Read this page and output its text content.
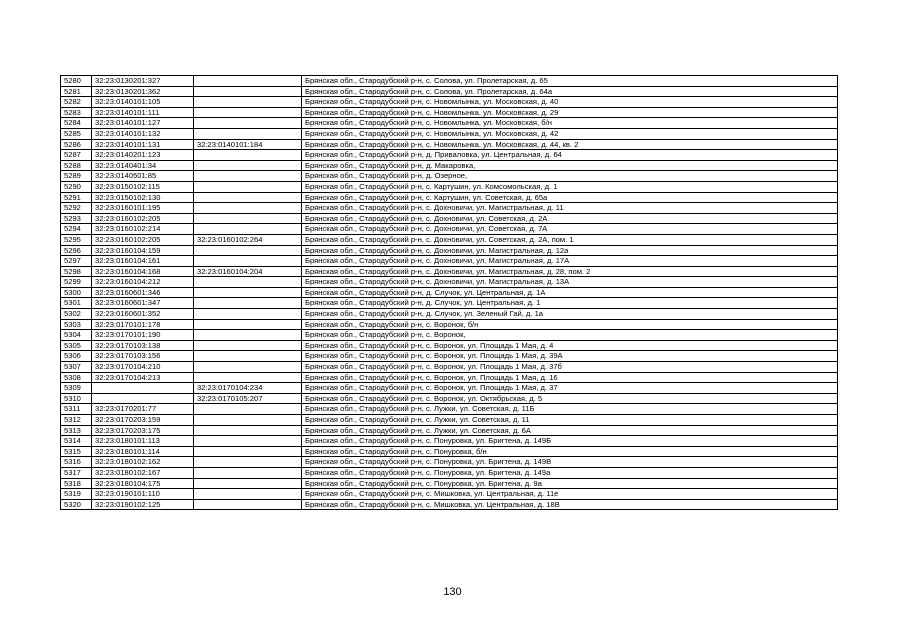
5280	32:23:0130201:327		Брянская обл., Стародубский р-н, с. Солова, ул. Пролетарская, д. 65
5281	32:23:0130201:362		Брянская обл., Стародубский р-н, с. Солова, ул. Пролетарская, д. 64а
5282	32:23:0140101:105		Брянская обл., Стародубский р-н, с. Новомлынка, ул. Московская, д. 40
5283	32:23:0140101:111		Брянская обл., Стародубский р-н, с. Новомлынка, ул. Московская, д. 29
5284	32:23:0140101:127		Брянская обл., Стародубский р-н, с. Новомлынка, ул. Московская, б/н
5285	32:23:0140101:132		Брянская обл., Стародубский р-н, с. Новомлынка, ул. Московская, д. 42
5286	32:23:0140101:131	32:23:0140101:184	Брянская обл., Стародубский р-н, с. Новомлынка, ул. Московская, д. 44, кв. 2
5287	32:23:0140201:123		Брянская обл., Стародубский р-н, д. Приваловка, ул. Центральная, д. 64
5288	32:23:0140401:34		Брянская обл., Стародубский р-н, д. Макаровка,
5289	32:23:0140501:85		Брянская обл., Стародубский р-н, д. Озерное,
5290	32:23:0150102:115		Брянская обл., Стародубский р-н, с. Картушин, ул. Комсомольская, д. 1
5291	32:23:0150102:130		Брянская обл., Стародубский р-н, с. Картушин, ул. Советская, д. 65а
5292	32:23:0160101:195		Брянская обл., Стародубский р-н, с. Дохновичи, ул. Магистральная, д. 11
5293	32:23:0160102:205		Брянская обл., Стародубский р-н, с. Дохновичи, ул. Советская, д. 2А
5294	32:23:0160102:214		Брянская обл., Стародубский р-н, с. Дохновичи, ул. Советская, д. 7А
5295	32:23:0160102:205	32:23:0160102:264	Брянская обл., Стародубский р-н, с. Дохновичи, ул. Советская, д. 2А, пом. 1
5296	32:23:0160104:159		Брянская обл., Стародубский р-н, с. Дохновичи, ул. Магистральная, д. 12а
5297	32:23:0160104:161		Брянская обл., Стародубский р-н, с. Дохновичи, ул. Магистральная, д. 17А
5298	32:23:0160104:168	32:23:0160104:204	Брянская обл., Стародубский р-н, с. Дохновичи, ул. Магистральная, д. 28, пом. 2
5299	32:23:0160104:212		Брянская обл., Стародубский р-н, с. Дохновичи, ул. Магистральная, д. 13А
5300	32:23:0160601:346		Брянская обл., Стародубский р-н, д. Случок, ул. Центральная, д. 1А
5301	32:23:0160601:347		Брянская обл., Стародубский р-н, д. Случок, ул. Центральная, д. 1
5302	32:23:0160601:352		Брянская обл., Стародубский р-н, д. Случок, ул. Зеленый Гай, д. 1а
5303	32:23:0170101:178		Брянская обл., Стародубский р-н, с. Воронок, б/н
5304	32:23:0170101:190		Брянская обл., Стародубский р-н, с. Воронок,
5305	32:23:0170103:138		Брянская обл., Стародубский р-н, с. Воронок, ул. Площадь 1 Мая, д. 4
5306	32:23:0170103:156		Брянская обл., Стародубский р-н, с. Воронок, ул. Площадь 1 Мая, д. 39А
5307	32:23:0170104:210		Брянская обл., Стародубский р-н, с. Воронок, ул. Площадь 1 Мая, д. 37б
5308	32:23:0170104:213		Брянская обл., Стародубский р-н, с. Воронок, ул. Площадь 1 Мая, д. 16
5309		32:23:0170104:234	Брянская обл., Стародубский р-н, с. Воронок, ул. Площадь 1 Мая, д. 37
5310		32:23:0170105:207	Брянская обл., Стародубский р-н, с. Воронок, ул. Октябрьская, д. 5
5311	32:23:0170201:77		Брянская обл., Стародубский р-н, с. Лужки, ул. Советская, д. 11Б
5312	32:23:0170203:159		Брянская обл., Стародубский р-н, с. Лужки, ул. Советская, д. 11
5313	32:23:0170203:175		Брянская обл., Стародубский р-н, с. Лужки, ул. Советская, д. 6А
5314	32:23:0180101:113		Брянская обл., Стародубский р-н, с. Понуровка, ул. Бригтена, д. 149Б
5315	32:23:0180101:114		Брянская обл., Стародубский р-н, с. Понуровка, б/н
5316	32:23:0180102:162		Брянская обл., Стародубский р-н, с. Понуровка, ул. Бригтена, д. 149В
5317	32:23:0180102:167		Брянская обл., Стародубский р-н, с. Понуровка, ул. Бригтена, д. 149а
5318	32:23:0180104:175		Брянская обл., Стародубский р-н, с. Понуровка, ул. Бригтена, д. 9а
5319	32:23:0190101:110		Брянская обл., Стародубский р-н, с. Мишковка, ул. Центральная, д. 11е
5320	32:23:0190102:125		Брянская обл., Стародубский р-н, с. Мишковка, ул. Центральная, д. 18В
130
